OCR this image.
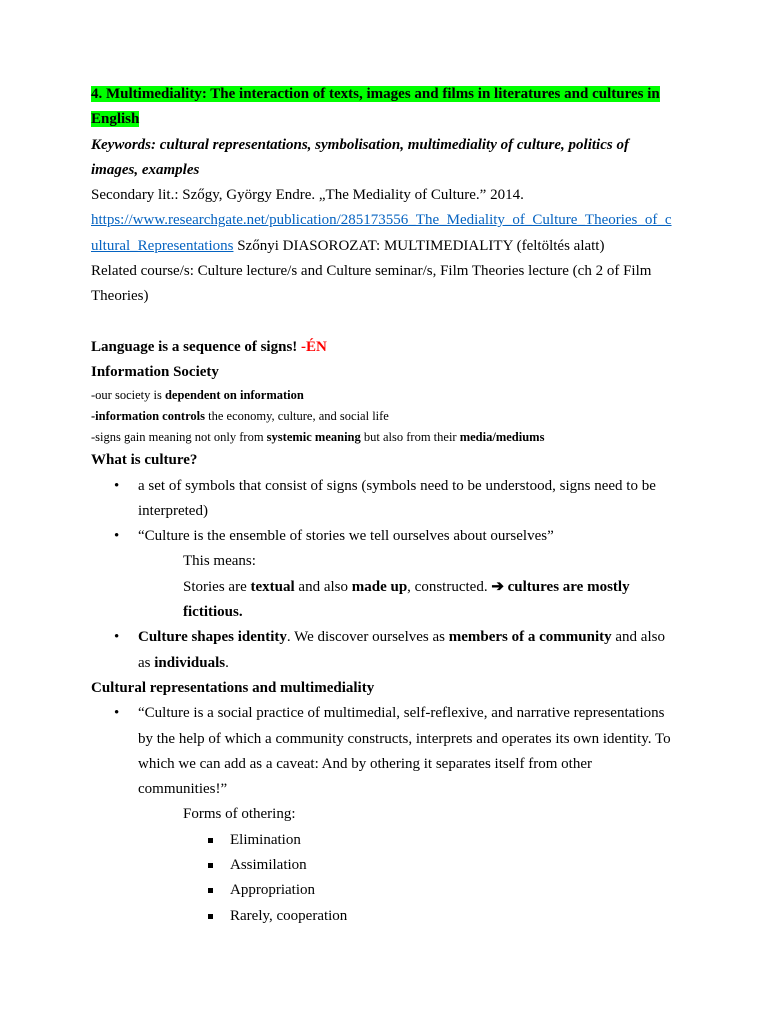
4. Multimediality: The interaction of texts, images and films in literatures and cultures in English

Keywords: cultural representations, symbolisation, multimediality of culture, politics of images, examples

Secondary lit.: Szőgy, György Endre. „The Mediality of Culture.” 2014.

https://www.researchgate.net/publication/285173556_The_Mediality_of_Culture_Theories_of_cultural_Representations Szőnyi DIASOROZAT: MULTIMEDIALITY (feltöltés alatt)

Related course/s: Culture lecture/s and Culture seminar/s, Film Theories lecture (ch 2 of Film Theories)

Language is a sequence of signs! -ÉN

Information Society

-our society is dependent on information

-information controls the economy, culture, and social life

-signs gain meaning not only from systemic meaning but also from their media/mediums

What is culture?

• a set of symbols that consist of signs (symbols need to be understood, signs need to be interpreted)
• “Culture is the ensemble of stories we tell ourselves about ourselves”

This means:

Stories are textual and also made up, constructed. ➔ cultures are mostly fictitious.

• Culture shapes identity. We discover ourselves as members of a community and also as individuals.

Cultural representations and multimediality

• “Culture is a social practice of multimedial, self-reflexive, and narrative representations by the help of which a community constructs, interprets and operates its own identity. To which we can add as a caveat: And by othering it separates itself from other communities!”

Forms of othering:

Elimination
Assimilation
Appropriation
Rarely, cooperation
